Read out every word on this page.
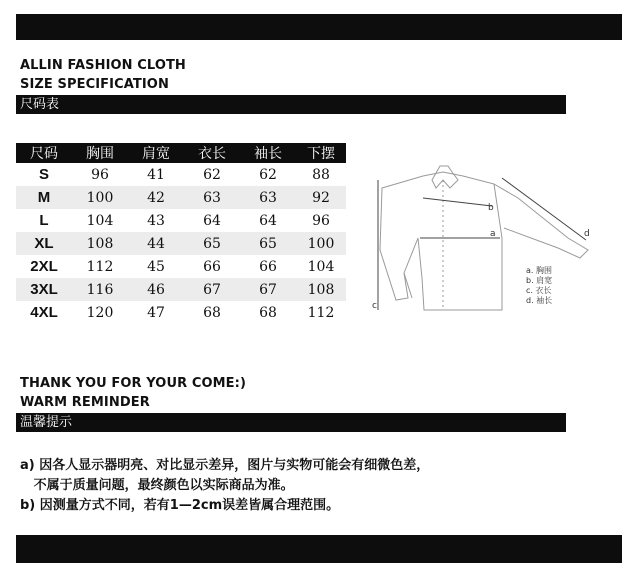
ALLIN FASHION CLOTH
SIZE SPECIFICATION
尺码表
尺码	胸围	肩宽	衣长	袖长	下摆
S	96	41	62	62	88
M	100	42	63	63	92
L	104	43	64	64	96
XL	108	44	65	65	100
2XL	112	45	66	66	104
3XL	116	46	67	67	108
4XL	120	47	68	68	112
a
b
c
d
a. 胸围
b. 肩宽
c. 衣长
d. 袖长
THANK YOU FOR YOUR COME:)
WARM REMINDER
温馨提示
a) 因各人显示器明亮、对比显示差异，图片与实物可能会有细微色差，
不属于质量问题，最终颜色以实际商品为准。
b) 因测量方式不同，若有1—2cm误差皆属合理范围。
